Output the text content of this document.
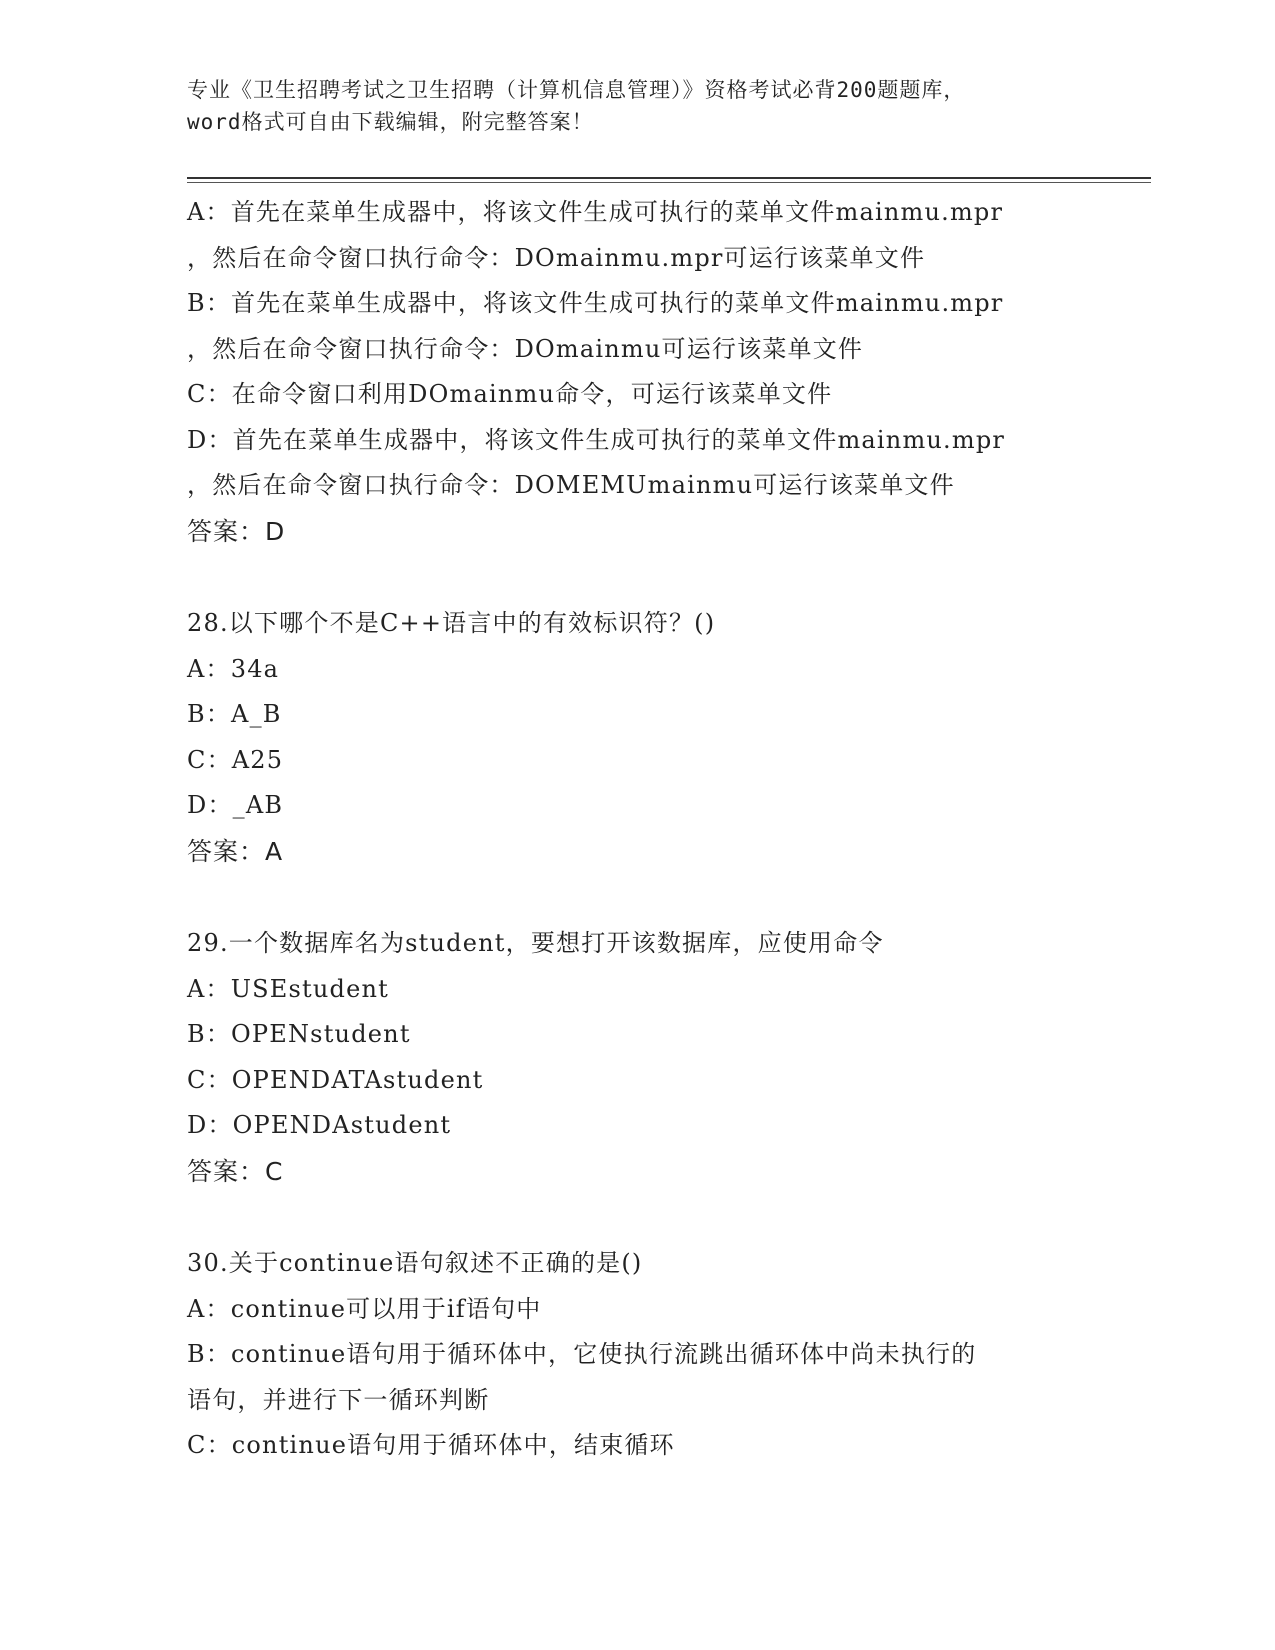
专业《卫生招聘考试之卫生招聘（计算机信息管理）》资格考试必背200题题库，
word格式可自由下载编辑，附完整答案！
A：首先在菜单生成器中，将该文件生成可执行的菜单文件mainmu.mpr
，然后在命令窗口执行命令：DOmainmu.mpr可运行该菜单文件
B：首先在菜单生成器中，将该文件生成可执行的菜单文件mainmu.mpr
，然后在命令窗口执行命令：DOmainmu可运行该菜单文件
C：在命令窗口利用DOmainmu命令，可运行该菜单文件
D：首先在菜单生成器中，将该文件生成可执行的菜单文件mainmu.mpr
，然后在命令窗口执行命令：DOMEMUmainmu可运行该菜单文件
答案：D
28.以下哪个不是C++语言中的有效标识符？()
A：34a
B：A_B
C：A25
D：_AB
答案：A
29.一个数据库名为student，要想打开该数据库，应使用命令
A：USEstudent
B：OPENstudent
C：OPENDATAstudent
D：OPENDAstudent
答案：C
30.关于continue语句叙述不正确的是()
A：continue可以用于if语句中
B：continue语句用于循环体中，它使执行流跳出循环体中尚未执行的
语句，并进行下一循环判断
C：continue语句用于循环体中，结束循环
